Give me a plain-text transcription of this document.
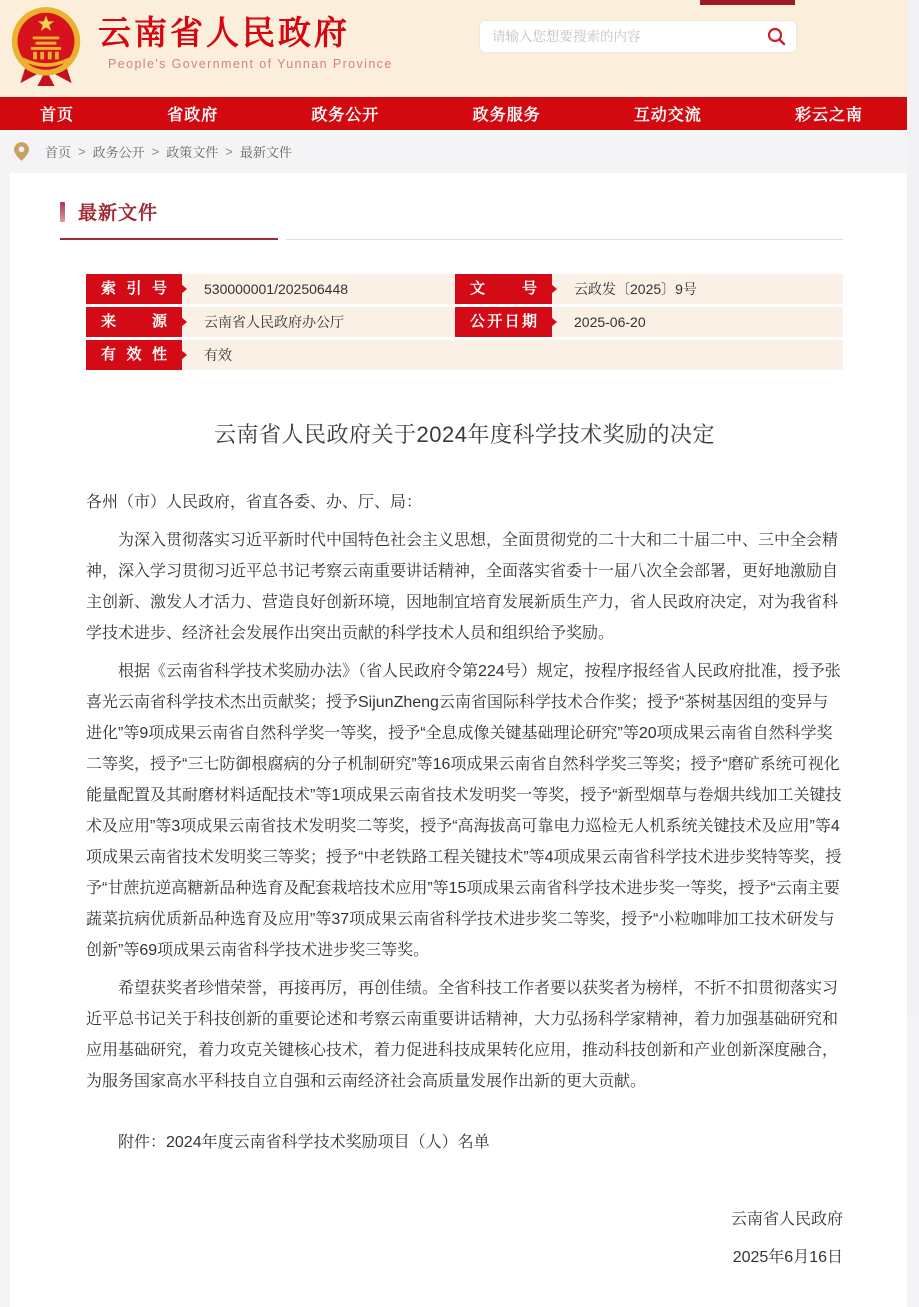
云南省人民政府
People's Government of Yunnan Province
请输入您想要搜索的内容
首页	省政府	政务公开	政务服务	互动交流	彩云之南
首页 > 政务公开 > 政策文件 > 最新文件
最新文件
索引号	530000001/202506448	文号	云政发〔2025〕9号
来源	云南省人民政府办公厅	公开日期	2025-06-20
有效性	有效
云南省人民政府关于2024年度科学技术奖励的决定

各州（市）人民政府，省直各委、办、厅、局：

为深入贯彻落实习近平新时代中国特色社会主义思想，全面贯彻党的二十大和二十届二中、三中全会精神，深入学习贯彻习近平总书记考察云南重要讲话精神，全面落实省委十一届八次全会部署，更好地激励自主创新、激发人才活力、营造良好创新环境，因地制宜培育发展新质生产力，省人民政府决定，对为我省科学技术进步、经济社会发展作出突出贡献的科学技术人员和组织给予奖励。

根据《云南省科学技术奖励办法》（省人民政府令第224号）规定，按程序报经省人民政府批准，授予张喜光云南省科学技术杰出贡献奖；授予SijunZheng云南省国际科学技术合作奖；授予“茶树基因组的变异与进化”等9项成果云南省自然科学奖一等奖，授予“全息成像关键基础理论研究”等20项成果云南省自然科学奖二等奖，授予“三七防御根腐病的分子机制研究”等16项成果云南省自然科学奖三等奖；授予“磨矿系统可视化能量配置及其耐磨材料适配技术”等1项成果云南省技术发明奖一等奖，授予“新型烟草与卷烟共线加工关键技术及应用”等3项成果云南省技术发明奖二等奖，授予“高海拔高可靠电力巡检无人机系统关键技术及应用”等4项成果云南省技术发明奖三等奖；授予“中老铁路工程关键技术”等4项成果云南省科学技术进步奖特等奖，授予“甘蔗抗逆高糖新品种选育及配套栽培技术应用”等15项成果云南省科学技术进步奖一等奖，授予“云南主要蔬菜抗病优质新品种选育及应用”等37项成果云南省科学技术进步奖二等奖，授予“小粒咖啡加工技术研发与创新”等69项成果云南省科学技术进步奖三等奖。

希望获奖者珍惜荣誉，再接再厉，再创佳绩。全省科技工作者要以获奖者为榜样，不折不扣贯彻落实习近平总书记关于科技创新的重要论述和考察云南重要讲话精神，大力弘扬科学家精神，着力加强基础研究和应用基础研究，着力攻克关键核心技术，着力促进科技成果转化应用，推动科技创新和产业创新深度融合，为服务国家高水平科技自立自强和云南经济社会高质量发展作出新的更大贡献。

附件：2024年度云南省科学技术奖励项目（人）名单

云南省人民政府

2025年6月16日
